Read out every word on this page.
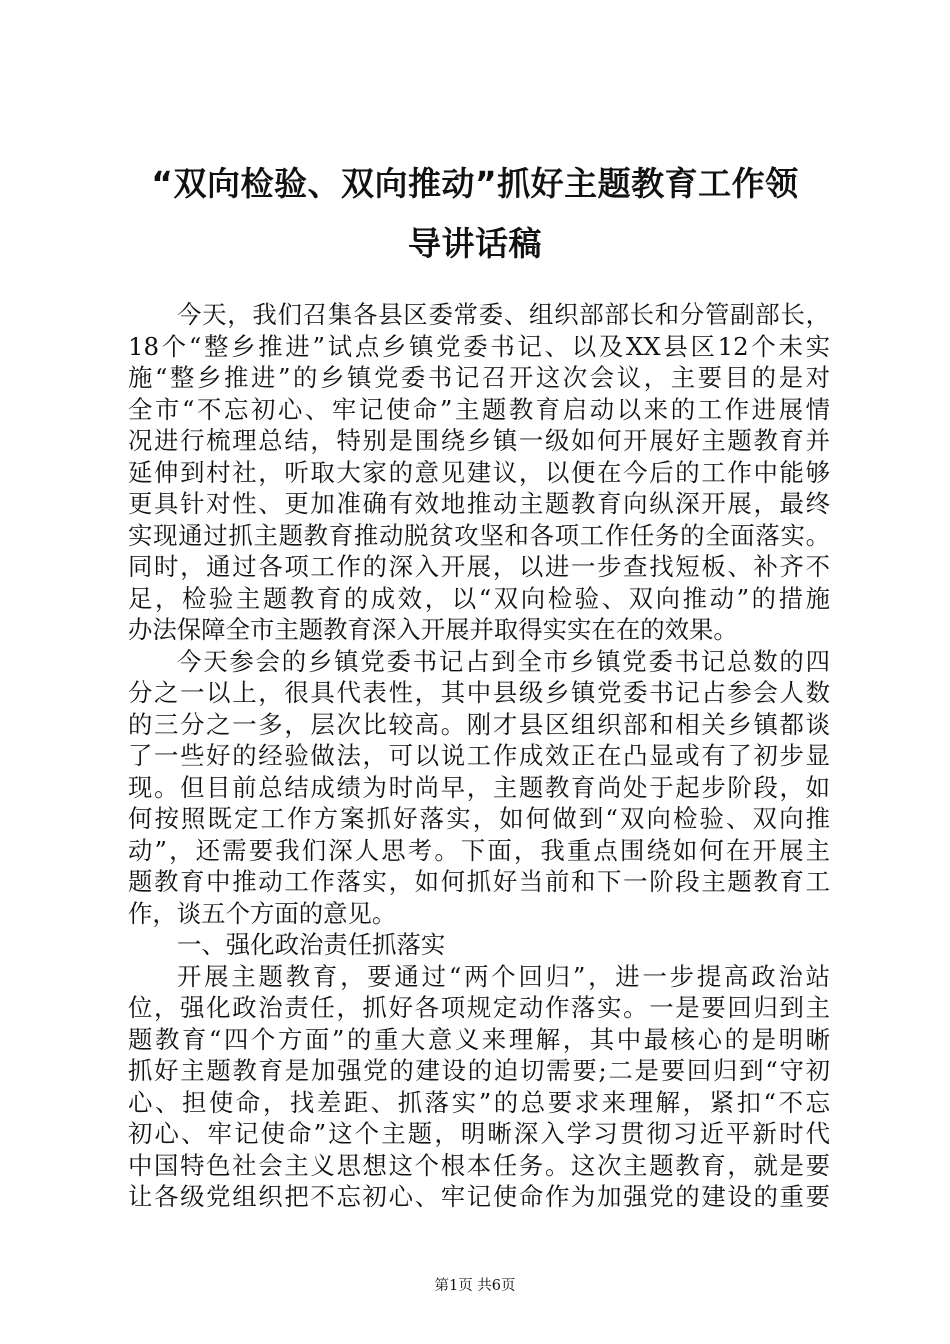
“双向检验、双向推动”抓好主题教育工作领
导讲话稿
今天，我们召集各县区委常委、组织部部长和分管副部长，
18个“整乡推进”试点乡镇党委书记、以及XX县区12个未实
施“整乡推进”的乡镇党委书记召开这次会议，主要目的是对
全市“不忘初心、牢记使命”主题教育启动以来的工作进展情
况进行梳理总结，特别是围绕乡镇一级如何开展好主题教育并
延伸到村社，听取大家的意见建议，以便在今后的工作中能够
更具针对性、更加准确有效地推动主题教育向纵深开展，最终
实现通过抓主题教育推动脱贫攻坚和各项工作任务的全面落实。
同时，通过各项工作的深入开展，以进一步查找短板、补齐不
足，检验主题教育的成效，以“双向检验、双向推动”的措施
办法保障全市主题教育深入开展并取得实实在在的效果。
今天参会的乡镇党委书记占到全市乡镇党委书记总数的四
分之一以上，很具代表性，其中县级乡镇党委书记占参会人数
的三分之一多，层次比较高。刚才县区组织部和相关乡镇都谈
了一些好的经验做法，可以说工作成效正在凸显或有了初步显
现。但目前总结成绩为时尚早，主题教育尚处于起步阶段，如
何按照既定工作方案抓好落实，如何做到“双向检验、双向推
动”，还需要我们深人思考。下面，我重点围绕如何在开展主
题教育中推动工作落实，如何抓好当前和下一阶段主题教育工
作，谈五个方面的意见。
一、强化政治责任抓落实
开展主题教育，要通过“两个回归”，进一步提高政治站
位，强化政治责任，抓好各项规定动作落实。一是要回归到主
题教育“四个方面”的重大意义来理解，其中最核心的是明晰
抓好主题教育是加强党的建设的迫切需要;二是要回归到“守初
心、担使命，找差距、抓落实”的总要求来理解，紧扣“不忘
初心、牢记使命”这个主题，明晰深入学习贯彻习近平新时代
中国特色社会主义思想这个根本任务。这次主题教育，就是要
让各级党组织把不忘初心、牢记使命作为加强党的建设的重要
第1页 共6页
